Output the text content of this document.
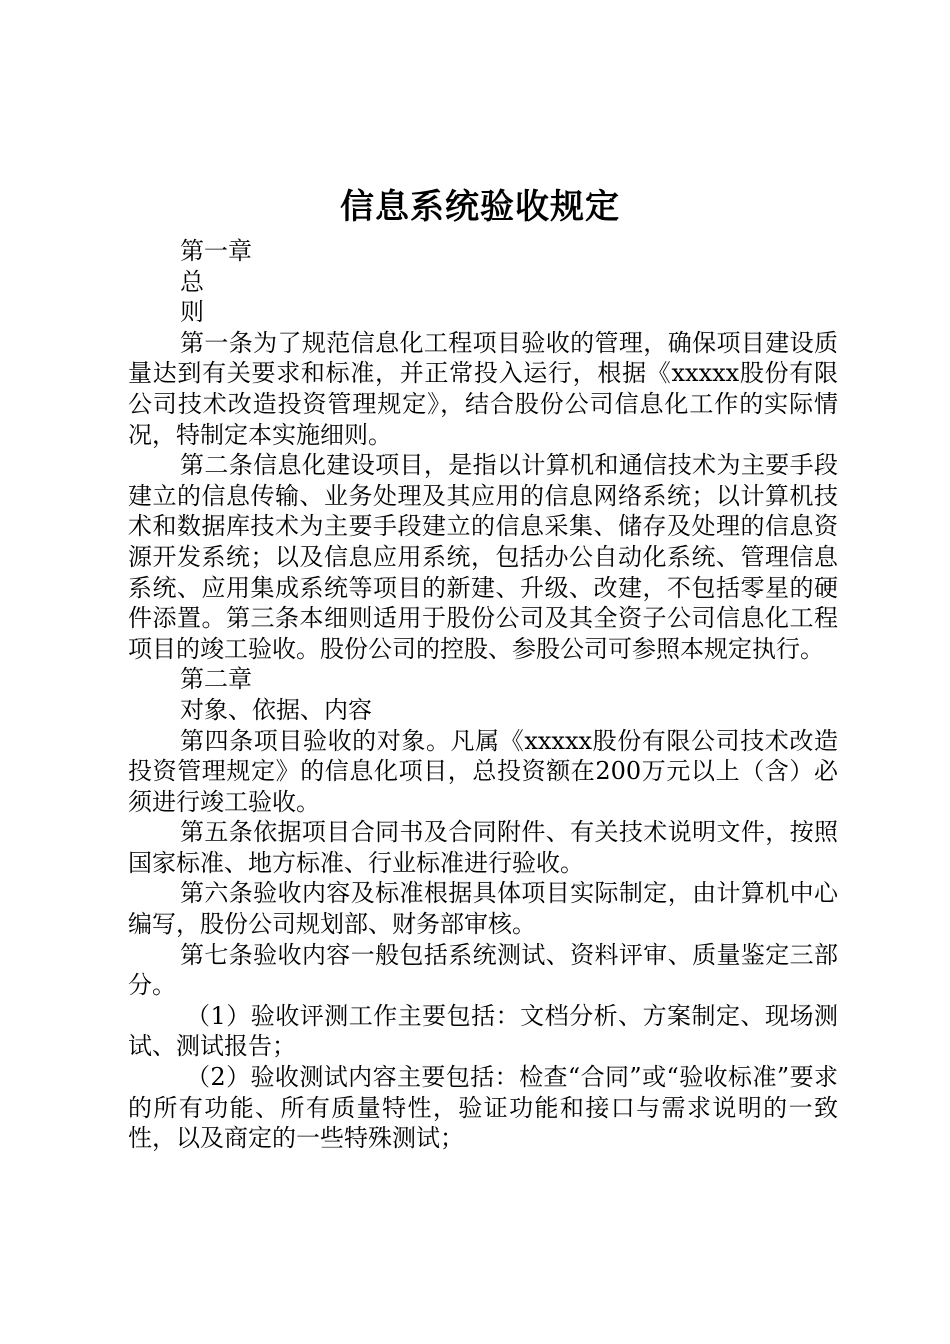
信息系统验收规定

第一章

总

则

第一条为了规范信息化工程项目验收的管理，确保项目建设质量达到有关要求和标准，并正常投入运行，根据《xxxxx股份有限公司技术改造投资管理规定》，结合股份公司信息化工作的实际情况，特制定本实施细则。

第二条信息化建设项目，是指以计算机和通信技术为主要手段建立的信息传输、业务处理及其应用的信息网络系统；以计算机技术和数据库技术为主要手段建立的信息采集、储存及处理的信息资源开发系统；以及信息应用系统，包括办公自动化系统、管理信息系统、应用集成系统等项目的新建、升级、改建，不包括零星的硬件添置。第三条本细则适用于股份公司及其全资子公司信息化工程项目的竣工验收。股份公司的控股、参股公司可参照本规定执行。

第二章

对象、依据、内容

第四条项目验收的对象。凡属《xxxxx股份有限公司技术改造投资管理规定》的信息化项目，总投资额在200万元以上（含）必须进行竣工验收。

第五条依据项目合同书及合同附件、有关技术说明文件，按照国家标准、地方标准、行业标准进行验收。

第六条验收内容及标准根据具体项目实际制定，由计算机中心编写，股份公司规划部、财务部审核。

第七条验收内容一般包括系统测试、资料评审、质量鉴定三部分。

（1）验收评测工作主要包括：文档分析、方案制定、现场测试、测试报告；

（2）验收测试内容主要包括：检查“合同”或“验收标准”要求的所有功能、所有质量特性，验证功能和接口与需求说明的一致性，以及商定的一些特殊测试；
